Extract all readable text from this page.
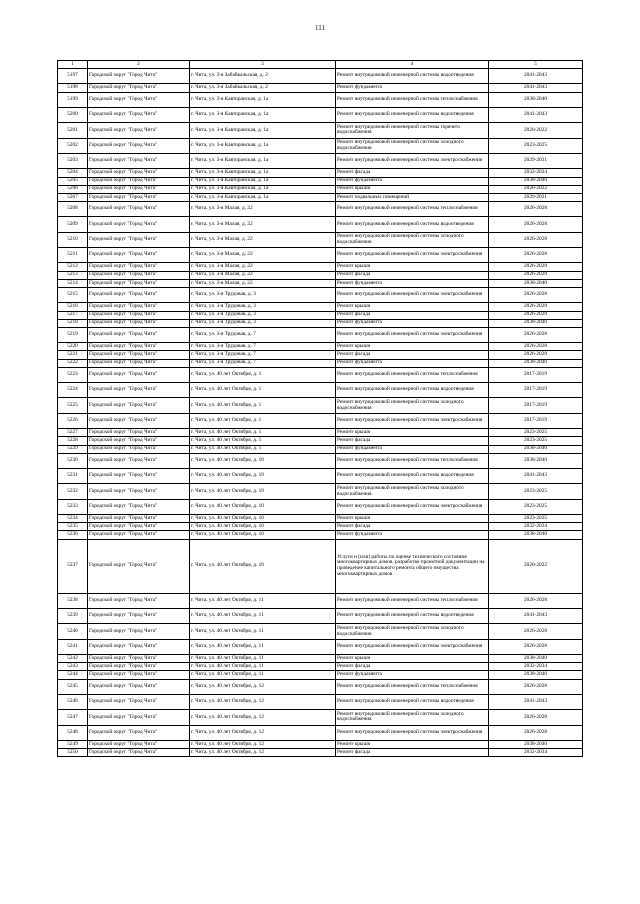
111
1	2	3	4	5
5197	Городской округ "Город Чита"	г. Чита, ул. 3-я Забайкальская, д. 2	Ремонт внутридомовой инженерной системы водоотведения	2041-2043
5198	Городской округ "Город Чита"	г. Чита, ул. 3-я Забайкальская, д. 2	Ремонт фундамента	2041-2043
5199	Городской округ "Город Чита"	г. Чита, ул. 3-я Кавторанская, д. 1а	Ремонт внутридомовой инженерной системы теплоснабжения	2038-2040
5200	Городской округ "Город Чита"	г. Чита, ул. 3-я Кавторанская, д. 1а	Ремонт внутридомовой инженерной системы водоотведения	2041-2043
5201	Городской округ "Город Чита"	г. Чита, ул. 3-я Кавторанская, д. 1а	Ремонт внутридомовой инженерной системы горячего водоснабжения	2020-2022
5202	Городской округ "Город Чита"	г. Чита, ул. 3-я Кавторанская, д. 1а	Ремонт внутридомовой инженерной системы холодного водоснабжения	2023-2025
5203	Городской округ "Город Чита"	г. Чита, ул. 3-я Кавторанская, д. 1а	Ремонт внутридомовой инженерной системы электроснабжения	2029-2031
5204	Городской округ "Город Чита"	г. Чита, ул. 3-я Кавторанская, д. 1а	Ремонт фасада	2032-2034
5205	Городской округ "Город Чита"	г. Чита, ул. 3-я Кавторанская, д. 1а	Ремонт фундамента	2038-2040
5206	Городской округ "Город Чита"	г. Чита, ул. 3-я Кавторанская, д. 1а	Ремонт крыши	2020-2022
5207	Городской округ "Город Чита"	г. Чита, ул. 3-я Кавторанская, д. 1а	Ремонт подвальных помещений	2029-2031
5208	Городской округ "Город Чита"	г. Чита, ул. 3-я Малая, д. 22	Ремонт внутридомовой инженерной системы теплоснабжения	2026-2028
5209	Городской округ "Город Чита"	г. Чита, ул. 3-я Малая, д. 22	Ремонт внутридомовой инженерной системы водоотведения	2026-2028
5210	Городской округ "Город Чита"	г. Чита, ул. 3-я Малая, д. 22	Ремонт внутридомовой инженерной системы холодного водоснабжения	2026-2028
5211	Городской округ "Город Чита"	г. Чита, ул. 3-я Малая, д. 22	Ремонт внутридомовой инженерной системы электроснабжения	2026-2028
5212	Городской округ "Город Чита"	г. Чита, ул. 3-я Малая, д. 22	Ремонт крыши	2026-2028
5213	Городской округ "Город Чита"	г. Чита, ул. 3-я Малая, д. 22	Ремонт фасада	2026-2028
5214	Городской округ "Город Чита"	г. Чита, ул. 3-я Малая, д. 22	Ремонт фундамента	2038-2040
5215	Городской округ "Город Чита"	г. Чита, ул. 3-я Трудовая, д. 3	Ремонт внутридомовой инженерной системы электроснабжения	2026-2028
5216	Городской округ "Город Чита"	г. Чита, ул. 3-я Трудовая, д. 3	Ремонт крыши	2026-2028
5217	Городской округ "Город Чита"	г. Чита, ул. 3-я Трудовая, д. 3	Ремонт фасада	2026-2028
5218	Городской округ "Город Чита"	г. Чита, ул. 3-я Трудовая, д. 3	Ремонт фундамента	2038-2040
5219	Городской округ "Город Чита"	г. Чита, ул. 3-я Трудовая, д. 7	Ремонт внутридомовой инженерной системы электроснабжения	2026-2028
5220	Городской округ "Город Чита"	г. Чита, ул. 3-я Трудовая, д. 7	Ремонт крыши	2026-2028
5221	Городской округ "Город Чита"	г. Чита, ул. 3-я Трудовая, д. 7	Ремонт фасада	2026-2028
5222	Городской округ "Город Чита"	г. Чита, ул. 3-я Трудовая, д. 7	Ремонт фундамента	2038-2040
5223	Городской округ "Город Чита"	г. Чита, ул. 40 лет Октября, д. 1	Ремонт внутридомовой инженерной системы теплоснабжения	2017-2019
5224	Городской округ "Город Чита"	г. Чита, ул. 40 лет Октября, д. 1	Ремонт внутридомовой инженерной системы водоотведения	2017-2019
5225	Городской округ "Город Чита"	г. Чита, ул. 40 лет Октября, д. 1	Ремонт внутридомовой инженерной системы холодного водоснабжения	2017-2019
5226	Городской округ "Город Чита"	г. Чита, ул. 40 лет Октября, д. 1	Ремонт внутридомовой инженерной системы электроснабжения	2017-2019
5227	Городской округ "Город Чита"	г. Чита, ул. 40 лет Октября, д. 1	Ремонт крыши	2023-2025
5228	Городской округ "Город Чита"	г. Чита, ул. 40 лет Октября, д. 1	Ремонт фасада	2023-2025
5229	Городской округ "Город Чита"	г. Чита, ул. 40 лет Октября, д. 1	Ремонт фундамента	2038-2040
5230	Городской округ "Город Чита"	г. Чита, ул. 40 лет Октября, д. 10	Ремонт внутридомовой инженерной системы теплоснабжения	2038-2040
5231	Городской округ "Город Чита"	г. Чита, ул. 40 лет Октября, д. 10	Ремонт внутридомовой инженерной системы водоотведения	2041-2043
5232	Городской округ "Город Чита"	г. Чита, ул. 40 лет Октября, д. 10	Ремонт внутридомовой инженерной системы холодного водоснабжения	2023-2025
5233	Городской округ "Город Чита"	г. Чита, ул. 40 лет Октября, д. 10	Ремонт внутридомовой инженерной системы электроснабжения	2023-2025
5234	Городской округ "Город Чита"	г. Чита, ул. 40 лет Октября, д. 10	Ремонт крыши	2023-2025
5235	Городской округ "Город Чита"	г. Чита, ул. 40 лет Октября, д. 10	Ремонт фасада	2032-2034
5236	Городской округ "Город Чита"	г. Чита, ул. 40 лет Октября, д. 10	Ремонт фундамента	2038-2040
5237	Городской округ "Город Чита"	г. Чита, ул. 40 лет Октября, д. 10	Услуги и (или) работы по оценке технического состояния многоквартирных домов, разработке проектной документации на проведение капитального ремонта общего имущества многоквартирных домов	2020-2022
5238	Городской округ "Город Чита"	г. Чита, ул. 40 лет Октября, д. 11	Ремонт внутридомовой инженерной системы теплоснабжения	2026-2028
5239	Городской округ "Город Чита"	г. Чита, ул. 40 лет Октября, д. 11	Ремонт внутридомовой инженерной системы водоотведения	2041-2043
5240	Городской округ "Город Чита"	г. Чита, ул. 40 лет Октября, д. 11	Ремонт внутридомовой инженерной системы холодного водоснабжения	2026-2028
5241	Городской округ "Город Чита"	г. Чита, ул. 40 лет Октября, д. 11	Ремонт внутридомовой инженерной системы электроснабжения	2026-2028
5242	Городской округ "Город Чита"	г. Чита, ул. 40 лет Октября, д. 11	Ремонт крыши	2038-2040
5243	Городской округ "Город Чита"	г. Чита, ул. 40 лет Октября, д. 11	Ремонт фасада	2032-2034
5244	Городской округ "Город Чита"	г. Чита, ул. 40 лет Октября, д. 11	Ремонт фундамента	2038-2040
5245	Городской округ "Город Чита"	г. Чита, ул. 40 лет Октября, д. 12	Ремонт внутридомовой инженерной системы теплоснабжения	2026-2028
5246	Городской округ "Город Чита"	г. Чита, ул. 40 лет Октября, д. 12	Ремонт внутридомовой инженерной системы водоотведения	2041-2043
5247	Городской округ "Город Чита"	г. Чита, ул. 40 лет Октября, д. 12	Ремонт внутридомовой инженерной системы холодного водоснабжения	2026-2028
5248	Городской округ "Город Чита"	г. Чита, ул. 40 лет Октября, д. 12	Ремонт внутридомовой инженерной системы электроснабжения	2026-2028
5249	Городской округ "Город Чита"	г. Чита, ул. 40 лет Октября, д. 12	Ремонт крыши	2038-2040
5250	Городской округ "Город Чита"	г. Чита, ул. 40 лет Октября, д. 12	Ремонт фасада	2032-2034
